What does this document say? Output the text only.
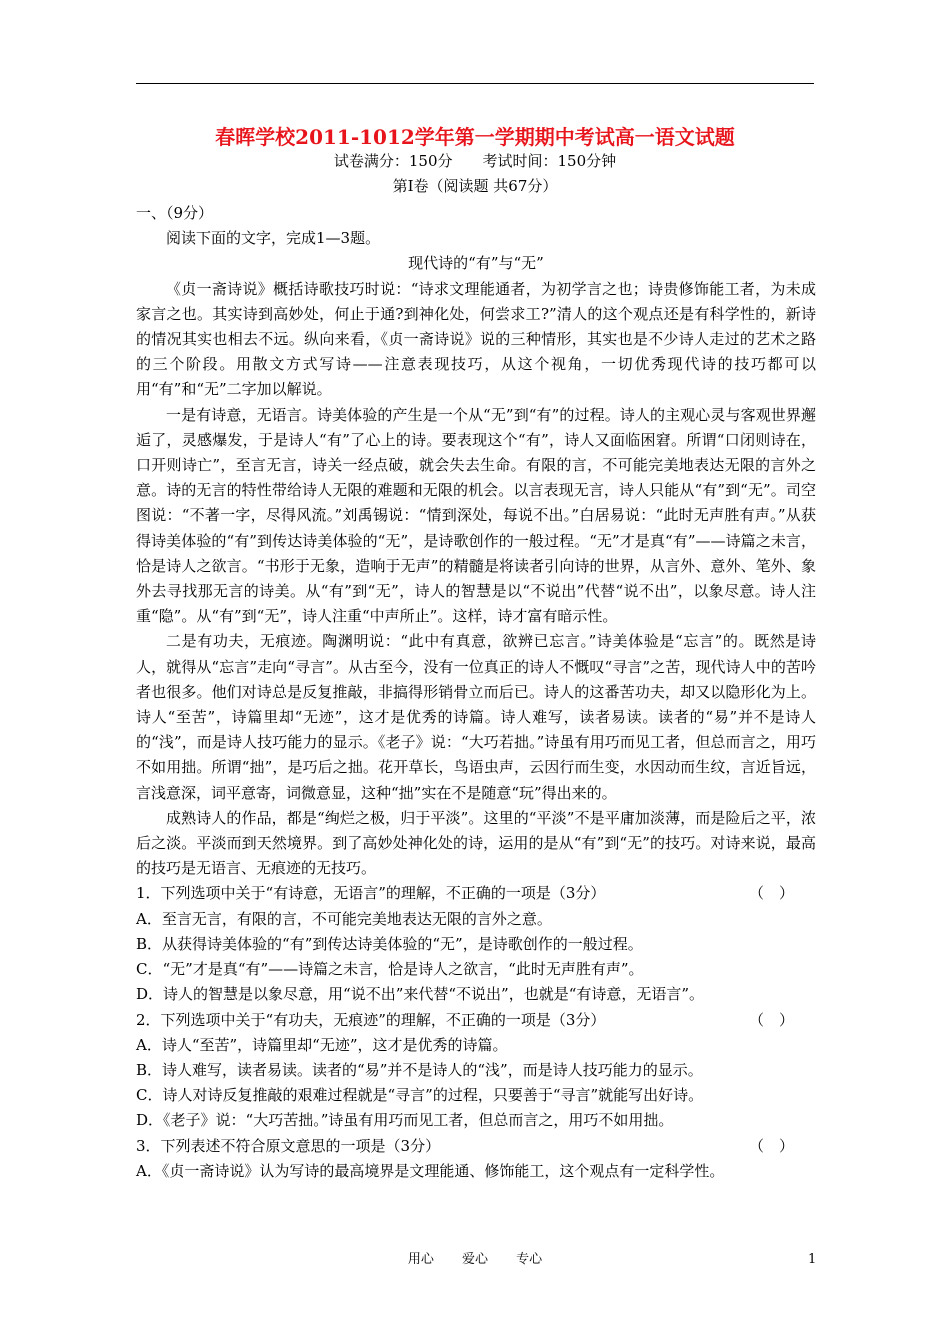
春晖学校2011-1012学年第一学期期中考试高一语文试题
试卷满分：150分　　考试时间：150分钟
第Ⅰ卷（阅读题 共67分）

一、（9分）

阅读下面的文字，完成1—3题。

现代诗的“有”与“无”

《贞一斋诗说》概括诗歌技巧时说：“诗求文理能通者，为初学言之也；诗贵修饰能工者，为未成家言之也。其实诗到高妙处，何止于通?到神化处，何尝求工?”清人的这个观点还是有科学性的，新诗的情况其实也相去不远。纵向来看，《贞一斋诗说》说的三种情形，其实也是不少诗人走过的艺术之路的三个阶段。用散文方式写诗——注意表现技巧，从这个视角，一切优秀现代诗的技巧都可以用“有”和“无”二字加以解说。

一是有诗意，无语言。诗美体验的产生是一个从“无”到“有”的过程。诗人的主观心灵与客观世界邂逅了，灵感爆发，于是诗人“有”了心上的诗。要表现这个“有”，诗人又面临困窘。所谓“口闭则诗在，口开则诗亡”，至言无言，诗关一经点破，就会失去生命。有限的言，不可能完美地表达无限的言外之意。诗的无言的特性带给诗人无限的难题和无限的机会。以言表现无言，诗人只能从“有”到“无”。司空图说：“不著一字，尽得风流。”刘禹锡说：“情到深处，每说不出。”白居易说：“此时无声胜有声。”从获得诗美体验的“有”到传达诗美体验的“无”，是诗歌创作的一般过程。“无”才是真“有”——诗篇之未言，恰是诗人之欲言。“书形于无象，造响于无声”的精髓是将读者引向诗的世界，从言外、意外、笔外、象外去寻找那无言的诗美。从“有”到“无”，诗人的智慧是以“不说出”代替“说不出”，以象尽意。诗人注重“隐”。从“有”到“无”，诗人注重“中声所止”。这样，诗才富有暗示性。

二是有功夫，无痕迹。陶渊明说：“此中有真意，欲辨已忘言。”诗美体验是“忘言”的。既然是诗人，就得从“忘言”走向“寻言”。从古至今，没有一位真正的诗人不慨叹“寻言”之苦，现代诗人中的苦吟者也很多。他们对诗总是反复推敲，非搞得形销骨立而后已。诗人的这番苦功夫，却又以隐形化为上。诗人“至苦”，诗篇里却“无迹”，这才是优秀的诗篇。诗人难写，读者易读。读者的“易”并不是诗人的“浅”，而是诗人技巧能力的显示。《老子》说：“大巧若拙。”诗虽有用巧而见工者，但总而言之，用巧不如用拙。所谓“拙”，是巧后之拙。花开草长，鸟语虫声，云因行而生变，水因动而生纹，言近旨远，言浅意深，词平意寄，词微意显，这种“拙”实在不是随意“玩”得出来的。

成熟诗人的作品，都是“绚烂之极，归于平淡”。这里的“平淡”不是平庸加淡薄，而是险后之平，浓后之淡。平淡而到天然境界。到了高妙处神化处的诗，运用的是从“有”到“无”的技巧。对诗来说，最高的技巧是无语言、无痕迹的无技巧。

1．下列选项中关于“有诗意，无语言”的理解，不正确的一项是（3分）	（　）

A．至言无言，有限的言，不可能完美地表达无限的言外之意。

B．从获得诗美体验的“有”到传达诗美体验的“无”，是诗歌创作的一般过程。

C．“无”才是真“有”——诗篇之未言，恰是诗人之欲言，“此时无声胜有声”。

D．诗人的智慧是以象尽意，用“说不出”来代替“不说出”，也就是“有诗意，无语言”。

2．下列选项中关于“有功夫，无痕迹”的理解，不正确的一项是（3分）	（　）

A．诗人“至苦”，诗篇里却“无迹”，这才是优秀的诗篇。

B．诗人难写，读者易读。读者的“易”并不是诗人的“浅”，而是诗人技巧能力的显示。

C．诗人对诗反复推敲的艰难过程就是“寻言”的过程，只要善于“寻言”就能写出好诗。

D．《老子》说：“大巧苦拙。”诗虽有用巧而见工者，但总而言之，用巧不如用拙。

3．下列表述不符合原文意思的一项是（3分）	（　）

A．《贞一斋诗说》认为写诗的最高境界是文理能通、修饰能工，这个观点有一定科学性。

用心 爱心 专心	1
